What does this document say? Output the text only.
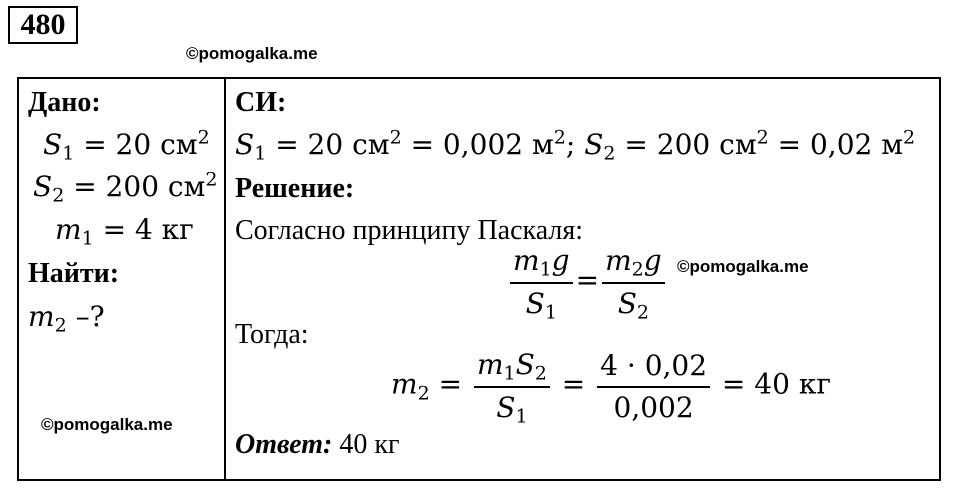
480
©pomogalka.me
Дано:
$S_1 = 20$ $см^2$
$S_2 = 200$ $см^2$
$m_1 = 4$ кг
Найти:
$m_2$ –?
©pomogalka.me
СИ:
$S_1 = 20$ $см^2 = 0,002$ $м^2$; $S_2 = 200$ $см^2 = 0,02$ $м^2$
Решение:
Согласно принципу Паскаля:
$\frac{m_1g}{S_1} = \frac{m_2g}{S_2}$ ©pomogalka.me
Тогда:
$m_2 = \frac{m_1S_2}{S_1} = \frac{4 \cdot 0,02}{0,002} = 40$ кг
Ответ: 40 кг
